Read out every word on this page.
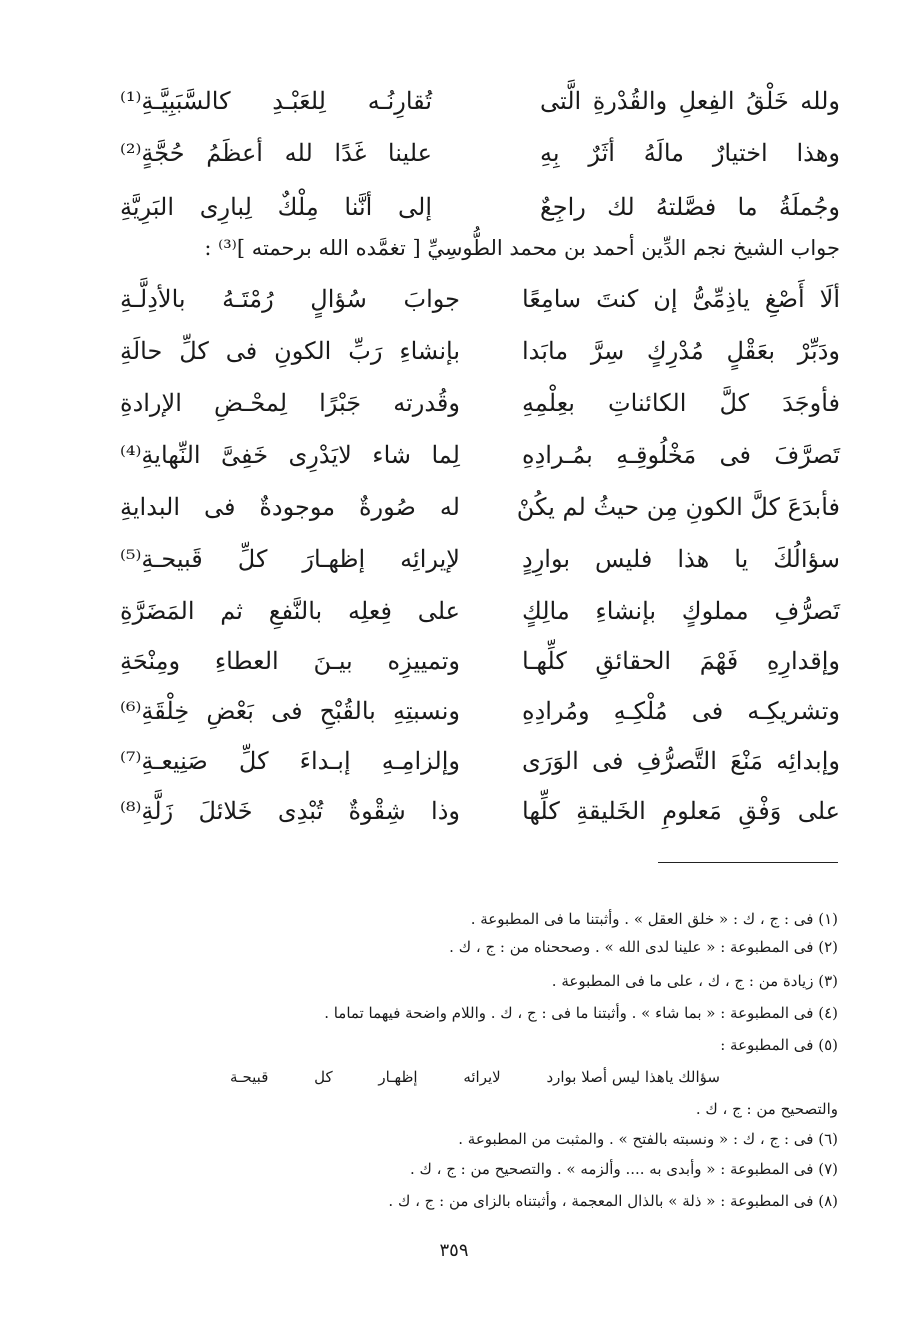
ولله خَلْقُ الفِعلِ والقُدْرةِ الَّتى
تُقارِنُـه لِلعَبْـدِ كالسَّبَبِيَّـةِ⁽¹⁾
وهذا اختيارٌ مالَهُ أثَرٌ بِهِ
علينا غَدًا لله أعظَمُ حُجَّةٍ⁽²⁾
وجُملَةُ ما فصَّلتهُ لك راجِعٌ
إلى أنَّنا مِلْكٌ لِبارِى البَرِيَّةِ
جواب الشيخ نجم الدِّين أحمد بن محمد الطُّوسِيِّ [ تغمَّده الله برحمته ]⁽³⁾ :
ألَا أَصْغِ ياذِمِّىُّ إن كنتَ سامِعًا
جوابَ سُؤالٍ رُمْتَـهُ بالأدِلَّـةِ
ودَبِّرْ بعَقْلٍ مُدْرِكٍ سِرَّ مابَدا
بإنشاءِ رَبِّ الكونِ فى كلِّ حالَةِ
فأوجَدَ كلَّ الكائناتِ بعِلْمِهِ
وقُدرته جَبْرًا لِمحْـضِ الإرادةِ
تَصرَّفَ فى مَخْلُوقِـهِ بمُـرادِهِ
لِما شاء لايَدْرِى خَفِىَّ النِّهايةِ⁽⁴⁾
فأبدَعَ كلَّ الكونِ مِن حيثُ لم يكُنْ
له صُورةٌ موجودةٌ فى البدايةِ
سؤالُكَ يا هذا فليس بوارِدٍ
لإيرائِه إظهـارَ كلِّ قَبيحـةِ⁽⁵⁾
تَصرُّفِ مملوكٍ بإنشاءِ مالِكٍ
على فِعلِه بالنَّفعِ ثم المَضَرَّةِ
وإقدارِهِ فَهْمَ الحقائقِ كلِّهـا
وتمييزِه بيـنَ العطاءِ ومِنْحَةِ
وتشريكِـه فى مُلْكِـهِ ومُرادِهِ
ونسبتِهِ بالقُبْحِ فى بَعْضِ خِلْقَةِ⁽⁶⁾
وإبدائِه مَنْعَ التَّصرُّفِ فى الوَرَى
وإلزامِـهِ إبـداءَ كلِّ صَنِيعـةِ⁽⁷⁾
على وَفْقِ مَعلومِ الخَليقةِ كلِّها
وذا شِقْوةٌ تُبْدِى خَلائلَ زَلَّةِ⁽⁸⁾
(١) فى : ج ، ك : « خلق العقل » . وأثبتنا ما فى المطبوعة .
(٢) فى المطبوعة : « علينا لدى الله » . وصححناه من : ج ، ك .
(٣) زيادة من : ج ، ك ، على ما فى المطبوعة .
(٤) فى المطبوعة : « بما شاء » . وأثبتنا ما فى : ج ، ك . واللام واضحة فيهما تماما .
(٥) فى المطبوعة :
سؤالك ياهذا ليس أصلا بوارد
لايرائه
إظهـار
كل
قبيحـة
والتصحيح من : ج ، ك .
(٦) فى : ج ، ك : « ونسبته بالفتح » . والمثبت من المطبوعة .
(٧) فى المطبوعة : « وأبدى به .... وألزمه » . والتصحيح من : ج ، ك .
(٨) فى المطبوعة : « ذلة » بالذال المعجمة ، وأثبتناه بالزاى من : ج ، ك .
٣٥٩
